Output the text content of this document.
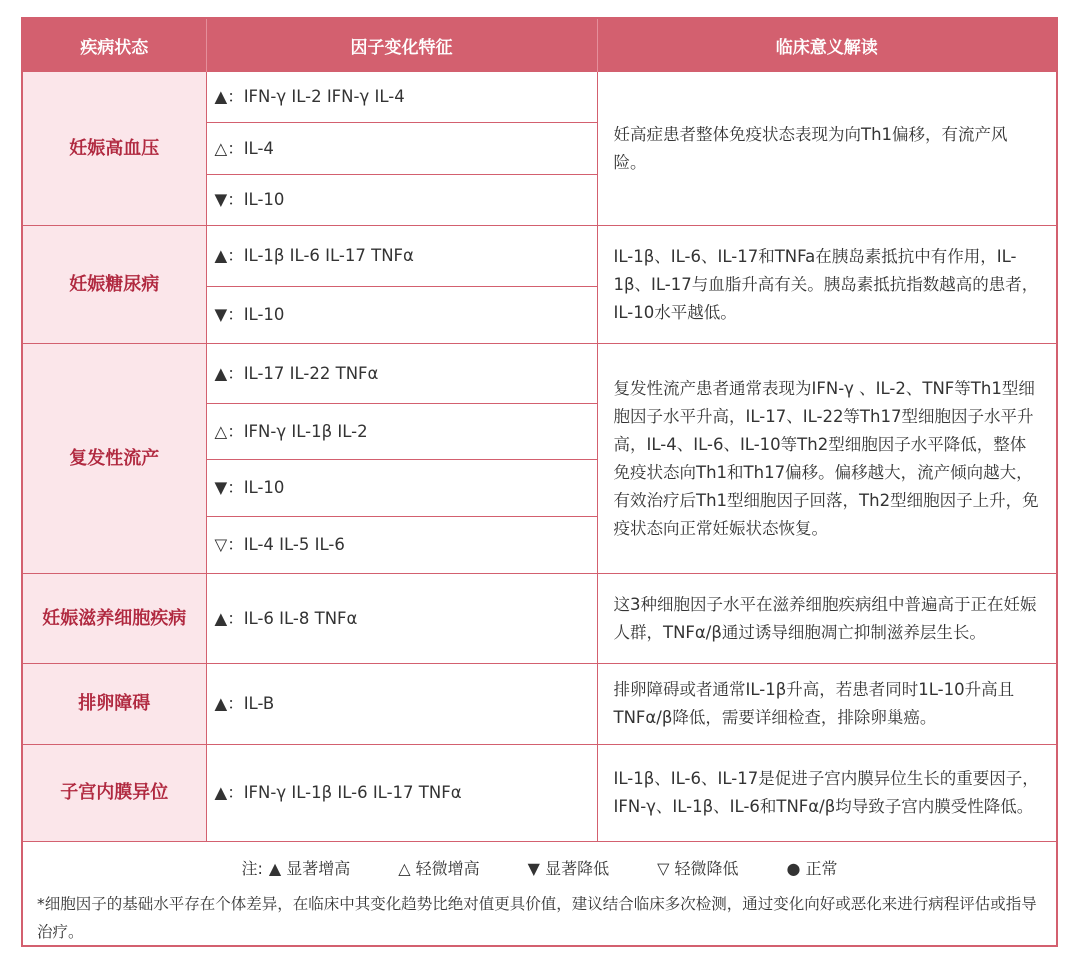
疾病状态	因子变化特征	临床意义解读
妊娠高血压	▲：IFN-γ IL-2 IFN-γ IL-4	妊高症患者整体免疫状态表现为向Th1偏移，有流产风险。
	△：IL-4	
	▼：IL-10	
妊娠糖尿病	▲：IL-1β IL-6 IL-17 TNFα	IL-1β、IL-6、IL-17和TNFa在胰岛素抵抗中有作用，IL-1β、IL-17与血脂升高有关。胰岛素抵抗指数越高的患者，IL-10水平越低。
	▼：IL-10	
复发性流产	▲：IL-17 IL-22 TNFα	复发性流产患者通常表现为IFN-γ 、IL-2、TNF等Th1型细胞因子水平升高，IL-17、IL-22等Th17型细胞因子水平升高，IL-4、IL-6、IL-10等Th2型细胞因子水平降低，整体免疫状态向Th1和Th17偏移。偏移越大，流产倾向越大，有效治疗后Th1型细胞因子回落，Th2型细胞因子上升，免疫状态向正常妊娠状态恢复。
	△：IFN-γ IL-1β IL-2	
	▼：IL-10	
	▽：IL-4 IL-5 IL-6	
妊娠滋养细胞疾病	▲：IL-6 IL-8 TNFα	这3种细胞因子水平在滋养细胞疾病组中普遍高于正在妊娠人群，TNFα/β通过诱导细胞凋亡抑制滋养层生长。
排卵障碍	▲：IL-B	排卵障碍或者通常IL-1β升高，若患者同时1L-10升高且TNFα/β降低，需要详细检查，排除卵巢癌。
子宫内膜异位	▲：IFN-γ IL-1β IL-6 IL-17 TNFα	IL-1β、IL-6、IL-17是促进子宫内膜异位生长的重要因子，IFN-γ、IL-1β、IL-6和TNFα/β均导致子宫内膜受性降低。
注: ▲ 显著增高	△ 轻微增高	▼ 显著降低	▽ 轻微降低	● 正常
*细胞因子的基础水平存在个体差异，在临床中其变化趋势比绝对值更具价值，建议结合临床多次检测，通过变化向好或恶化来进行病程评估或指导治疗。
